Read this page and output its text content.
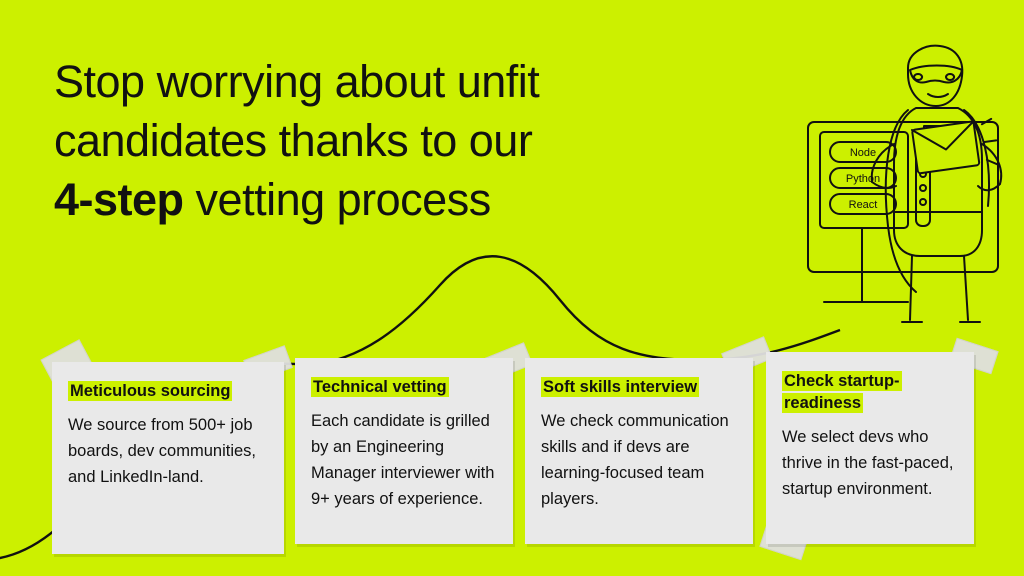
Stop worrying about unfit
candidates thanks to our
4-step vetting process
Node
Python
React
Meticulous sourcing
We source from 500+ job boards, dev communities, and LinkedIn-land.
Technical vetting
Each candidate is grilled by an Engineering Manager interviewer with 9+ years of experience.
Soft skills interview
We check communication skills and if devs are learning-focused team players.
Check startup-readiness
We select devs who thrive in the fast-paced, startup environment.
